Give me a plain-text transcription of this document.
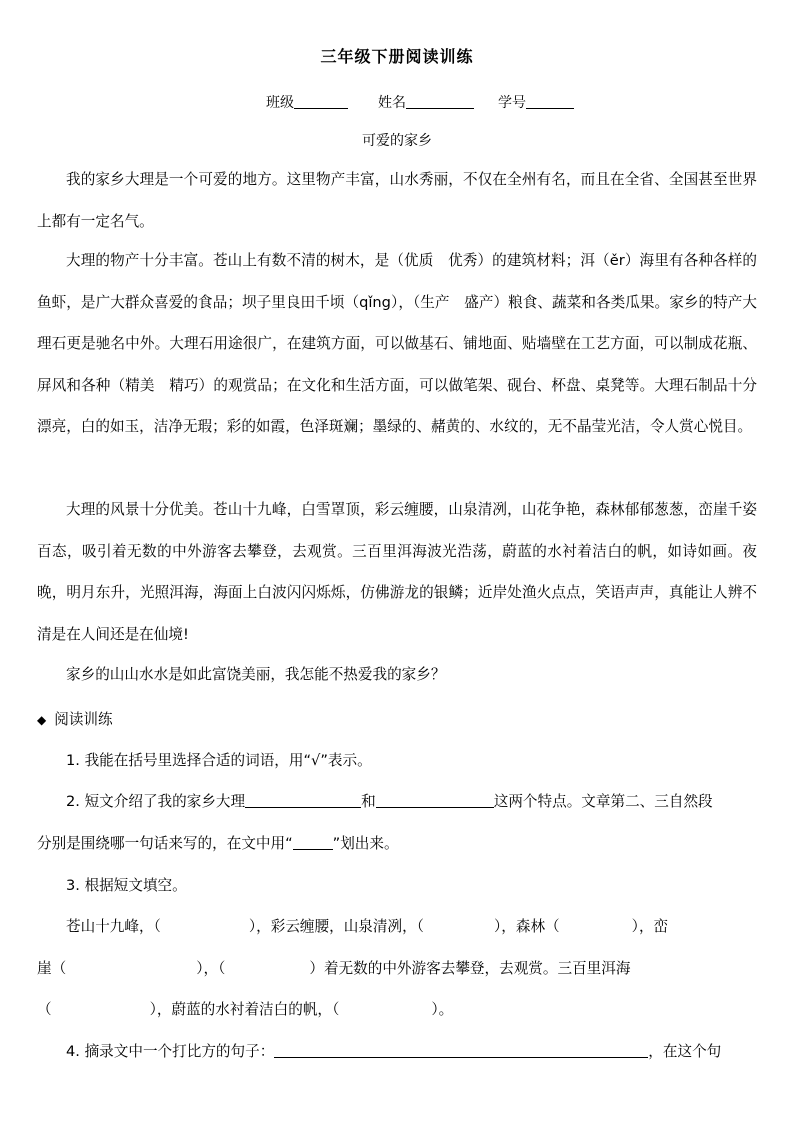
三年级下册阅读训练
班级	姓名	学号
可爱的家乡

我的家乡大理是一个可爱的地方。这里物产丰富，山水秀丽，不仅在全州有名，而且在全省、全国甚至世界上都有一定名气。

大理的物产十分丰富。苍山上有数不清的树木，是（优质　优秀）的建筑材料；洱（ěr）海里有各种各样的鱼虾，是广大群众喜爱的食品；坝子里良田千顷（qǐng），（生产　盛产）粮食、蔬菜和各类瓜果。家乡的特产大理石更是驰名中外。大理石用途很广，在建筑方面，可以做基石、铺地面、贴墙壁在工艺方面，可以制成花瓶、屏风和各种（精美　精巧）的观赏品；在文化和生活方面，可以做笔架、砚台、杯盘、桌凳等。大理石制品十分漂亮，白的如玉，洁净无瑕；彩的如霞，色泽斑斓；墨绿的、赭黄的、水纹的，无不晶莹光洁，令人赏心悦目。

大理的风景十分优美。苍山十九峰，白雪罩顶，彩云缠腰，山泉清冽，山花争艳，森林郁郁葱葱，峦崖千姿百态，吸引着无数的中外游客去攀登，去观赏。三百里洱海波光浩荡，蔚蓝的水衬着洁白的帆，如诗如画。夜晚，明月东升，光照洱海，海面上白波闪闪烁烁，仿佛游龙的银鳞；近岸处渔火点点，笑语声声，真能让人辨不清是在人间还是在仙境!

家乡的山山水水是如此富饶美丽，我怎能不热爱我的家乡？

◆ 阅读训练
1. 我能在括号里选择合适的词语，用“√”表示。
2. 短文介绍了我的家乡大理	和	这两个特点。文章第二、三自然段
分别是围绕哪一句话来写的，在文中用“	”划出来。
3. 根据短文填空。
苍山十九峰，（	），彩云缠腰，山泉清冽，（	），森林（	），峦
崖（	），（	）着无数的中外游客去攀登，去观赏。三百里洱海
（	），蔚蓝的水衬着洁白的帆，（	）。
4. 摘录文中一个打比方的句子：	，在这个句
